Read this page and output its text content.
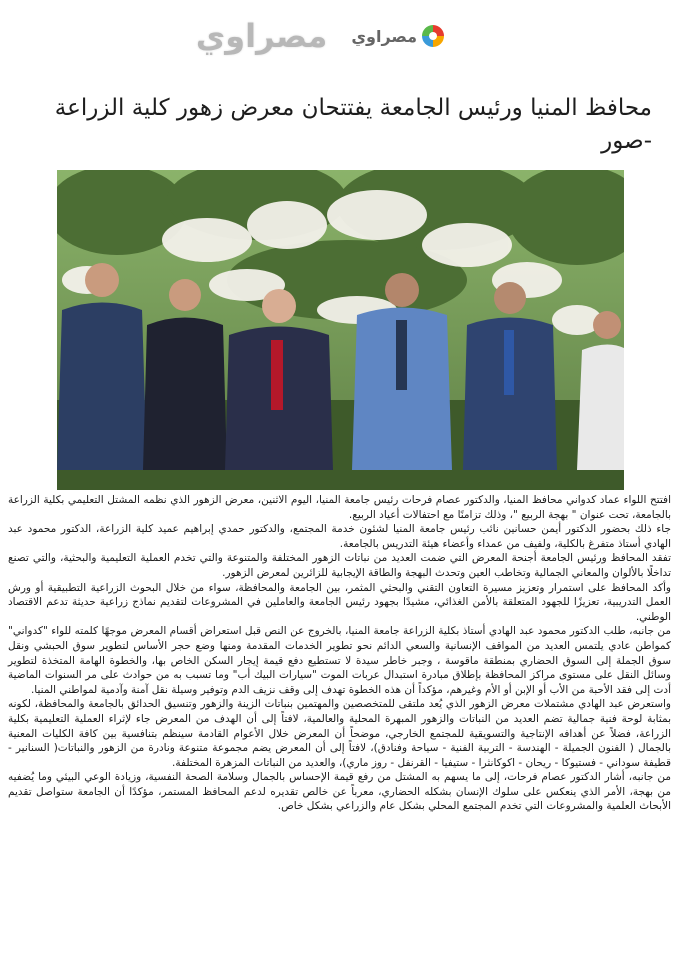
مصراوي مصراوي
محافظ المنيا ورئيس الجامعة يفتتحان معرض زهور كلية الزراعة -صور

افتتح اللواء عماد كدواني محافظ المنيا، والدكتور عصام فرحات رئيس جامعة المنيا، اليوم الاثنين، معرض الزهور الذي نظمه المشتل التعليمي بكلية الزراعة بالجامعة، تحت عنوان " بهجة الربيع "، وذلك تزامنًا مع احتفالات أعياد الربيع.

جاء ذلك بحضور الدكتور أيمن حسانين نائب رئيس جامعة المنيا لشئون خدمة المجتمع، والدكتور حمدي إبراهيم عميد كلية الزراعة، الدكتور محمود عبد الهادي أستاذ متفرغ بالكلية، ولفيف من عمداء وأعضاء هيئة التدريس بالجامعة.

تفقد المحافظ ورئيس الجامعة أجنحة المعرض التي ضمت العديد من نباتات الزهور المختلفة والمتنوعة والتي تخدم العملية التعليمية والبحثية، والتي تصنع تداخلًا بالألوان والمعاني الجمالية وتخاطب العين وتحدث البهجة والطاقة الإيجابية للزائرين لمعرض الزهور.

وأكد المحافظ على استمرار وتعزيز مسيرة التعاون التقني والبحثي المثمر، بين الجامعة والمحافظة، سواء من خلال البحوث الزراعية التطبيقية أو ورش العمل التدريبية، تعزيزًا للجهود المتعلقة بالأمن الغذائي، مشيدًا بجهود رئيس الجامعة والعاملين في المشروعات لتقديم نماذج زراعية حديثة تدعم الاقتصاد الوطني.

من جانبه، طلب الدكتور محمود عبد الهادي أستاذ بكلية الزراعة جامعة المنيا، بالخروج عن النص قبل استعراض أقسام المعرض موجهًا كلمته للواء "كدواني" كمواطن عادي يلتمس العديد من المواقف الإنسانية والسعي الدائم نحو تطوير الخدمات المقدمة ومنها وضع حجر الأساس لتطوير سوق الحبشي ونقل سوق الجملة إلى السوق الحضاري بمنطقة ماقوسة ، وجبر خاطر سيدة لا تستطيع دفع قيمة إيجار السكن الخاص بها، والخطوة الهامة المتخذة لتطوير وسائل النقل على مستوى مراكز المحافظة بإطلاق مبادرة استبدال عربات الموت "سيارات البيك أب" وما تسبب به من حوادث على مر السنوات الماضية أدت إلى فقد الأحبة من الأب أو الإبن أو الأم وغيرهم، مؤكداً أن هذه الخطوة تهدف إلى وقف نزيف الدم وتوفير وسيلة نقل آمنة وآدمية لمواطني المنيا.

واستعرض عبد الهادي مشتملات معرض الزهور الذي يُعد ملتقى للمتخصصين والمهتمين بنباتات الزينة والزهور وتنسيق الحدائق بالجامعة والمحافظة، لكونه بمثابة لوحة فنية جمالية تضم العديد من النباتات والزهور المبهرة المحلية والعالمية، لافتاً إلى أن الهدف من المعرض جاء لإثراء العملية التعليمية بكلية الزراعة، فضلاً عن أهدافه الإنتاجية والتسويقية للمجتمع الخارجي، موضحاً أن المعرض خلال الأعوام القادمة سينظم بتنافسية بين كافة الكليات المعنية بالجمال ( الفنون الجميلة - الهندسة - التربية الفنية - سياحة وفنادق)، لافتاً إلى أن المعرض يضم مجموعة متنوعة ونادرة من الزهور والنباتات( السنانير - قطيفة سوداني - فستيوكا - ريحان - اكوكانثرا - ستيفيا - القرنفل - روز ماري)، والعديد من النباتات المزهرة المختلفة.

من جانبه، أشار الدكتور عصام فرحات، إلى ما يسهم به المشتل من رفع قيمة الإحساس بالجمال وسلامة الصحة النفسية، وزيادة الوعي البيئي وما يُضفيه من بهجة، الأمر الذي ينعكس على سلوك الإنسان بشكله الحضاري، معرباً عن خالص تقديره لدعم المحافظ المستمر، مؤكدًا أن الجامعة ستواصل تقديم الأبحاث العلمية والمشروعات التي تخدم المجتمع المحلي بشكل عام والزراعي بشكل خاص.
